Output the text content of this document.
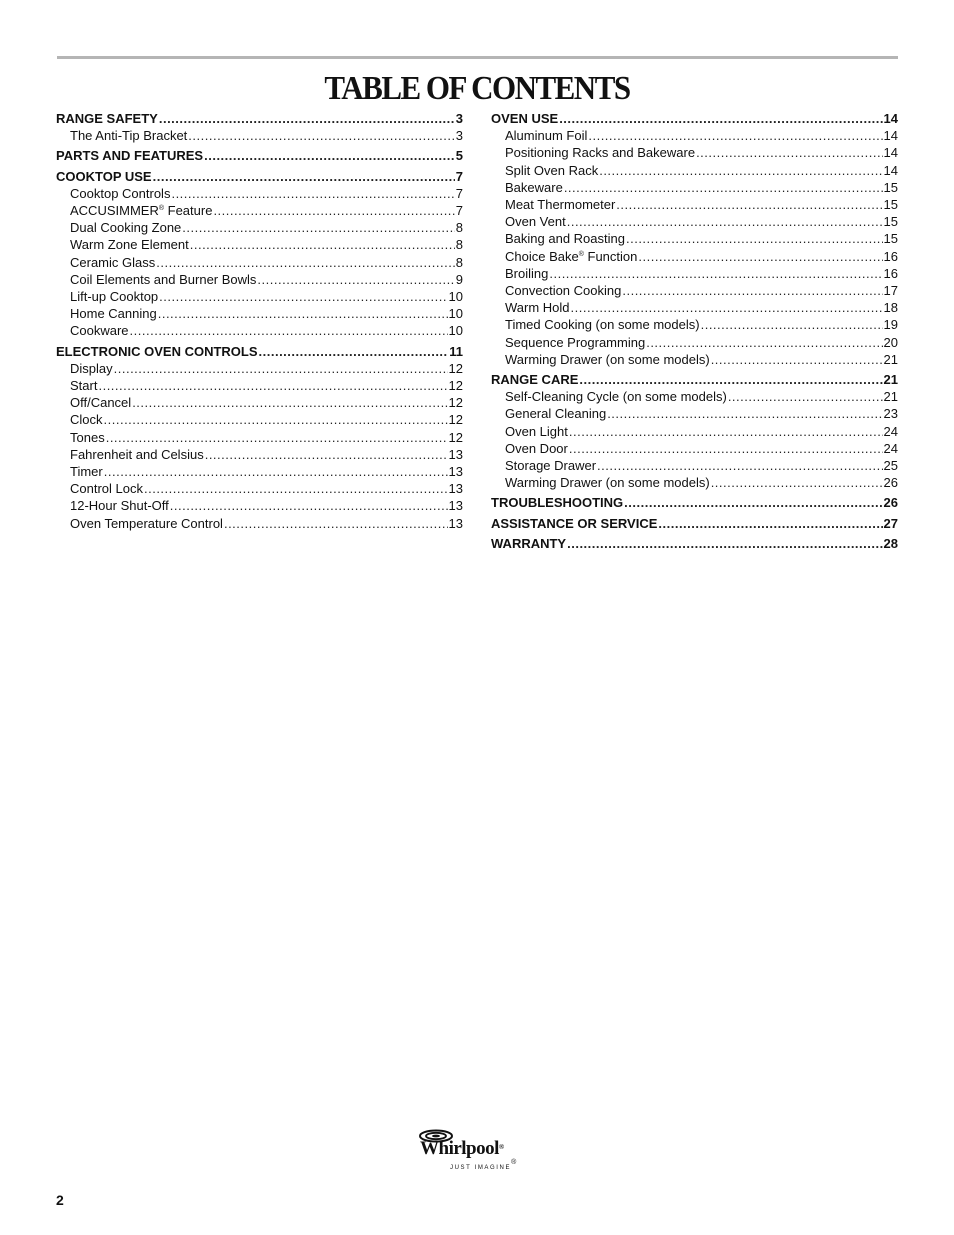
TABLE OF CONTENTS
RANGE SAFETY .....	3
The Anti-Tip Bracket .....	3
PARTS AND FEATURES .....	5
COOKTOP USE .....	7
Cooktop Controls .....	7
ACCUSIMMER® Feature .....	7
Dual Cooking Zone .....	8
Warm Zone Element .....	8
Ceramic Glass .....	8
Coil Elements and Burner Bowls .....	9
Lift-up Cooktop .....	10
Home Canning .....	10
Cookware .....	10
ELECTRONIC OVEN CONTROLS .....	11
Display .....	12
Start .....	12
Off/Cancel .....	12
Clock .....	12
Tones .....	12
Fahrenheit and Celsius .....	13
Timer .....	13
Control Lock .....	13
12-Hour Shut-Off .....	13
Oven Temperature Control .....	13
OVEN USE .....	14
Aluminum Foil .....	14
Positioning Racks and Bakeware .....	14
Split Oven Rack .....	14
Bakeware .....	15
Meat Thermometer .....	15
Oven Vent .....	15
Baking and Roasting .....	15
Choice Bake® Function .....	16
Broiling .....	16
Convection Cooking .....	17
Warm Hold .....	18
Timed Cooking (on some models) .....	19
Sequence Programming .....	20
Warming Drawer (on some models) .....	21
RANGE CARE .....	21
Self-Cleaning Cycle (on some models) .....	21
General Cleaning .....	23
Oven Light .....	24
Oven Door .....	24
Storage Drawer .....	25
Warming Drawer (on some models) .....	26
TROUBLESHOOTING .....	26
ASSISTANCE OR SERVICE .....	27
WARRANTY .....	28
Whirlpool®
JUST IMAGINE®
2
